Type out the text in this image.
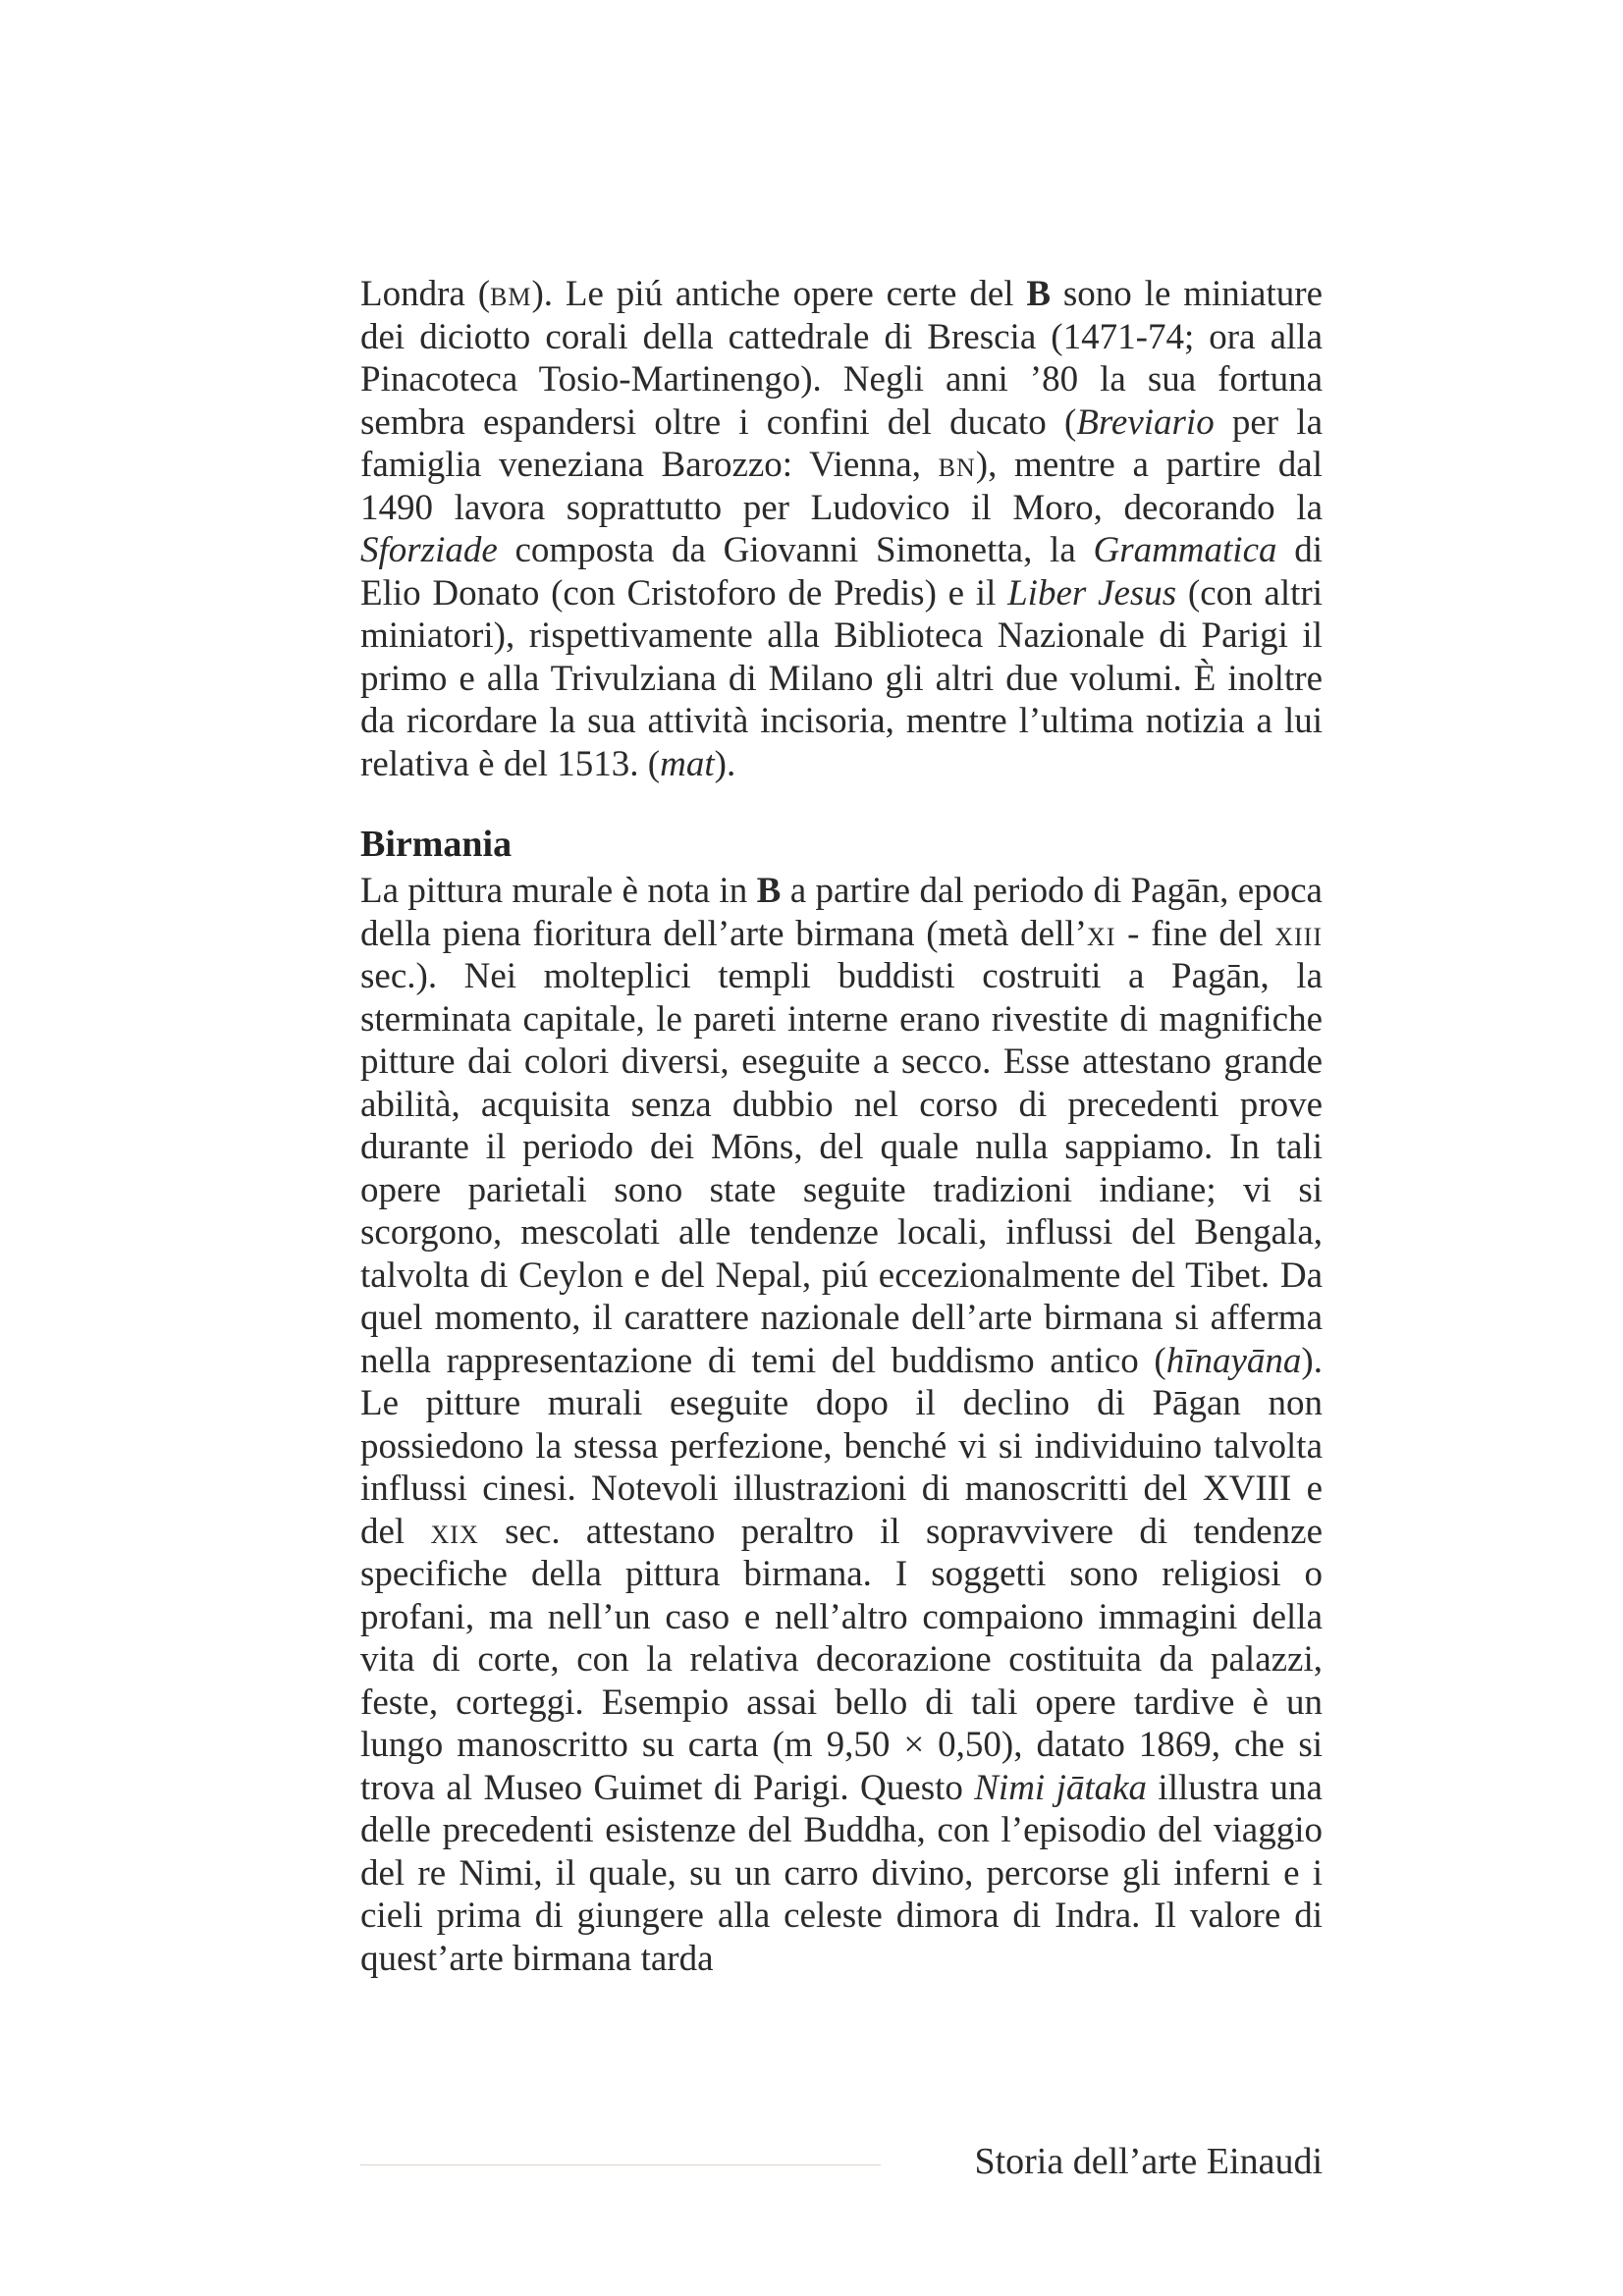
Londra (bm). Le piú antiche opere certe del B sono le miniature dei diciotto corali della cattedrale di Brescia (1471-74; ora alla Pinacoteca Tosio-Martinengo). Negli anni ’80 la sua fortuna sembra espandersi oltre i confini del ducato (Breviario per la famiglia veneziana Barozzo: Vienna, bn), mentre a partire dal 1490 lavora soprattutto per Ludovico il Moro, decorando la Sforziade composta da Giovanni Simonetta, la Grammatica di Elio Donato (con Cristoforo de Predis) e il Liber Jesus (con altri miniatori), rispettivamente alla Biblioteca Nazionale di Parigi il primo e alla Trivulziana di Milano gli altri due volumi. È inoltre da ricordare la sua attività incisoria, mentre l’ultima notizia a lui relativa è del 1513. (mat).

Birmania

La pittura murale è nota in B a partire dal periodo di Pagān, epoca della piena fioritura dell’arte birmana (metà dell’xi - fine del xiii sec.). Nei molteplici templi buddisti costruiti a Pagān, la sterminata capitale, le pareti interne erano rivestite di magnifiche pitture dai colori diversi, eseguite a secco. Esse attestano grande abilità, acquisita senza dubbio nel corso di precedenti prove durante il periodo dei Mōns, del quale nulla sappiamo. In tali opere parietali sono state seguite tradizioni indiane; vi si scorgono, mescolati alle tendenze locali, influssi del Bengala, talvolta di Ceylon e del Nepal, piú eccezionalmente del Tibet. Da quel momento, il carattere nazionale dell’arte birmana si afferma nella rappresentazione di temi del buddismo antico (hīnayāna). Le pitture murali eseguite dopo il declino di Pāgan non possiedono la stessa perfezione, benché vi si individuino talvolta influssi cinesi. Notevoli illustrazioni di manoscritti del XVIII e del xix sec. attestano peraltro il sopravvivere di tendenze specifiche della pittura birmana. I soggetti sono religiosi o profani, ma nell’un caso e nell’altro compaiono immagini della vita di corte, con la relativa decorazione costituita da palazzi, feste, corteggi. Esempio assai bello di tali opere tardive è un lungo manoscritto su carta (m 9,50 × 0,50), datato 1869, che si trova al Museo Guimet di Parigi. Questo Nimi jātaka illustra una delle precedenti esistenze del Buddha, con l’episodio del viaggio del re Nimi, il quale, su un carro divino, percorse gli inferni e i cieli prima di giungere alla celeste dimora di Indra. Il valore di quest’arte birmana tarda

Storia dell’arte Einaudi
